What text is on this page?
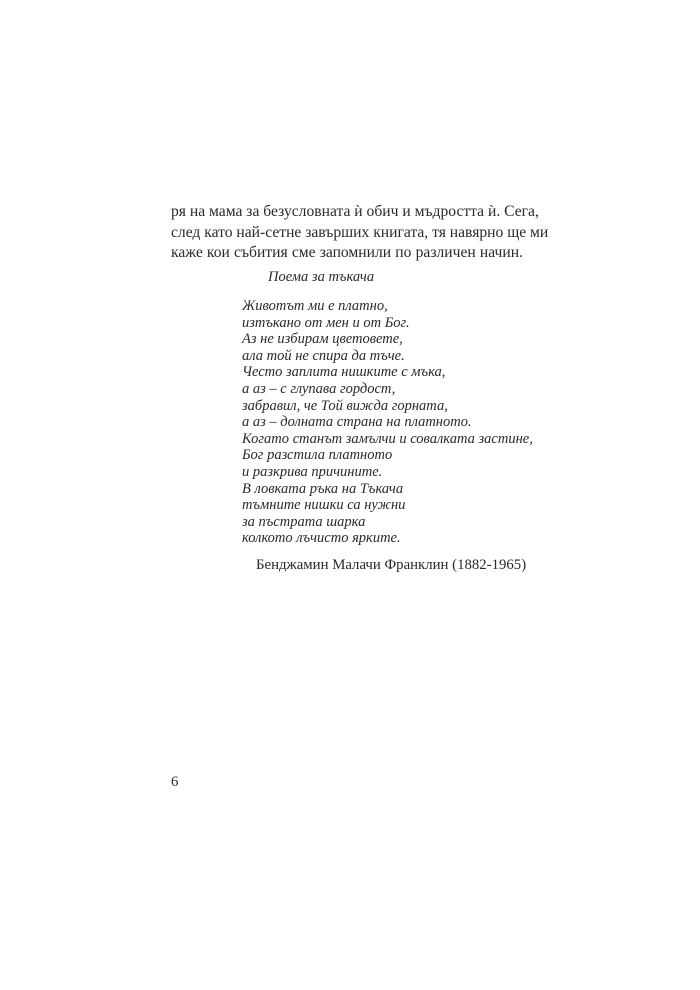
ря на мама за безусловната ѝ обич и мъдростта ѝ. Сега,
след като най-сетне завърших книгата, тя навярно ще ми
каже кои събития сме запомнили по различен начин.
Поема за тъкача
Животът ми е платно,
изтъкано от мен и от Бог.
Аз не избирам цветовете,
ала той не спира да тъче.
Често заплита нишките с мъка,
а аз – с глупава гордост,
забравил, че Той вижда горната,
а аз – долната страна на платното.
Когато станът замълчи и совалката застине,
Бог разстила платното
и разкрива причините.
В ловката ръка на Тъкача
тъмните нишки са нужни
за пъстрата шарка
колкото лъчисто ярките.
Бенджамин Малачи Франклин (1882-1965)
6
